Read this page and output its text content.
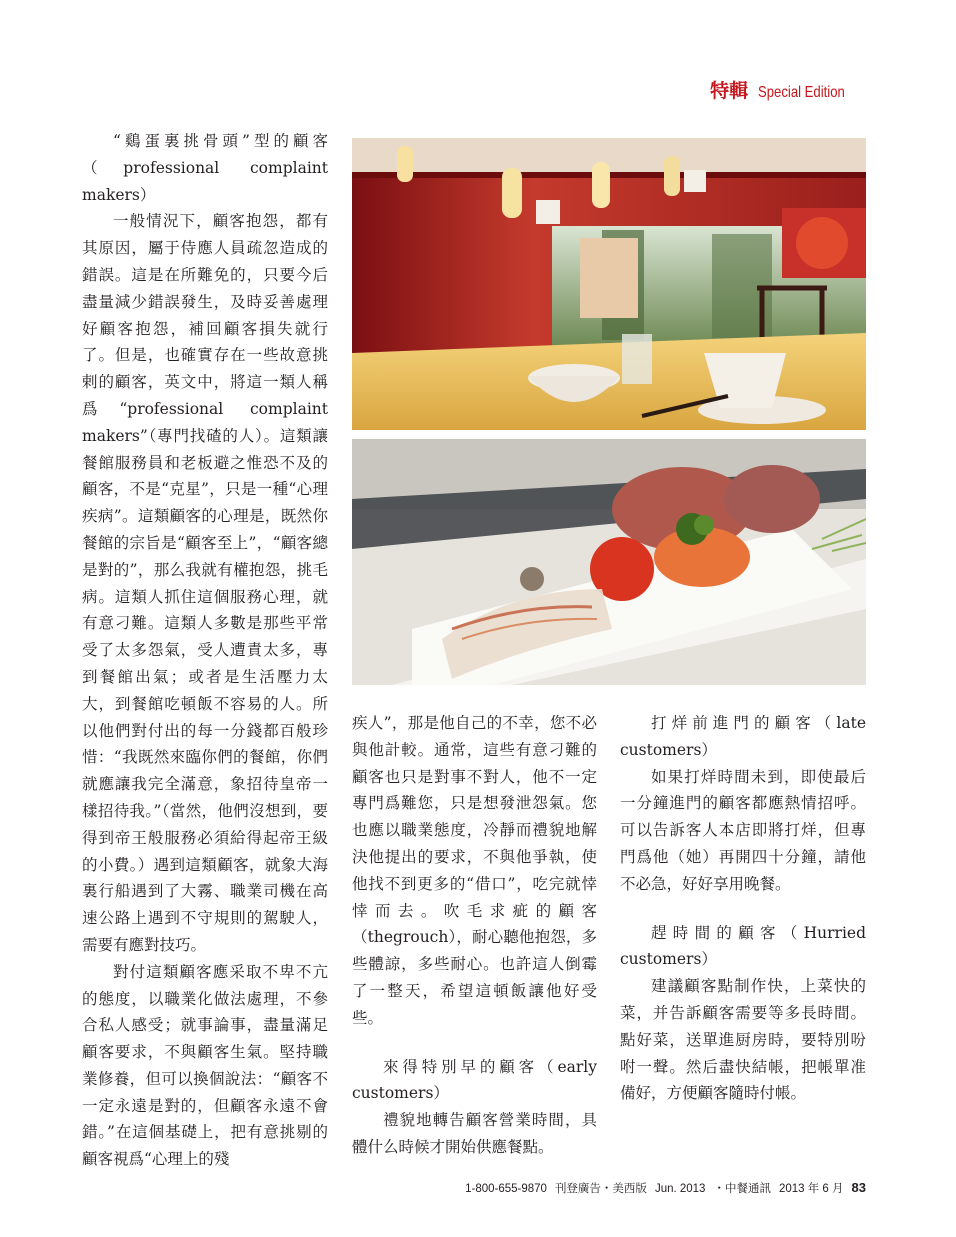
特輯 Special Edition

“鷄蛋裏挑骨頭”型的顧客（professional complaint makers）

一般情況下，顧客抱怨，都有其原因，屬于侍應人員疏忽造成的錯誤。這是在所難免的，只要今后盡量減少錯誤發生，及時妥善處理好顧客抱怨，補回顧客損失就行了。但是，也確實存在一些故意挑剌的顧客，英文中，將這一類人稱爲“professional complaint makers”（專門找碴的人）。這類讓餐館服務員和老板避之惟恐不及的顧客，不是“克星”，只是一種“心理疾病”。這類顧客的心理是，既然你餐館的宗旨是“顧客至上”，“顧客總是對的”，那么我就有權抱怨，挑毛病。這類人抓住這個服務心理，就有意刁難。這類人多數是那些平常受了太多怨氣，受人遭責太多，專到餐館出氣；或者是生活壓力太大，到餐館吃頓飯不容易的人。所以他們對付出的每一分錢都百般珍惜：“我既然來臨你們的餐館，你們就應讓我完全滿意，象招待皇帝一樣招待我。”（當然，他們沒想到，要得到帝王般服務必須給得起帝王級的小費。）遇到這類顧客，就象大海裏行船遇到了大霧、職業司機在高速公路上遇到不守規則的駕駛人，需要有應對技巧。

對付這類顧客應采取不卑不亢的態度，以職業化做法處理，不參合私人感受；就事論事，盡量滿足顧客要求，不與顧客生氣。堅持職業修養，但可以換個說法：“顧客不一定永遠是對的，但顧客永遠不會錯。”在這個基礎上，把有意挑剔的顧客視爲“心理上的殘

疾人”，那是他自己的不幸，您不必與他計較。通常，這些有意刁難的顧客也只是對事不對人，他不一定專門爲難您，只是想發泄怨氣。您也應以職業態度，冷靜而禮貌地解決他提出的要求，不與他爭執，使他找不到更多的“借口”，吃完就悻悻而去。吹毛求疵的顧客（thegrouch），耐心聽他抱怨，多些體諒，多些耐心。也許這人倒霉了一整天，希望這頓飯讓他好受些。

來得特別早的顧客（early customers）

禮貌地轉告顧客營業時間，具體什么時候才開始供應餐點。

打烊前進門的顧客（late customers）

如果打烊時間未到，即使最后一分鐘進門的顧客都應熱情招呼。可以告訴客人本店即將打烊，但專門爲他（她）再開四十分鐘，請他不必急，好好享用晚餐。

趕時間的顧客（Hurried customers）

建議顧客點制作快，上菜快的菜，并告訴顧客需要等多長時間。點好菜，送單進厨房時，要特別吩咐一聲。然后盡快結帳，把帳單准備好，方便顧客隨時付帳。

1-800-655-9870 刊登廣告・美西版 Jun. 2013 ・中餐通訊 2013 年 6 月 83
